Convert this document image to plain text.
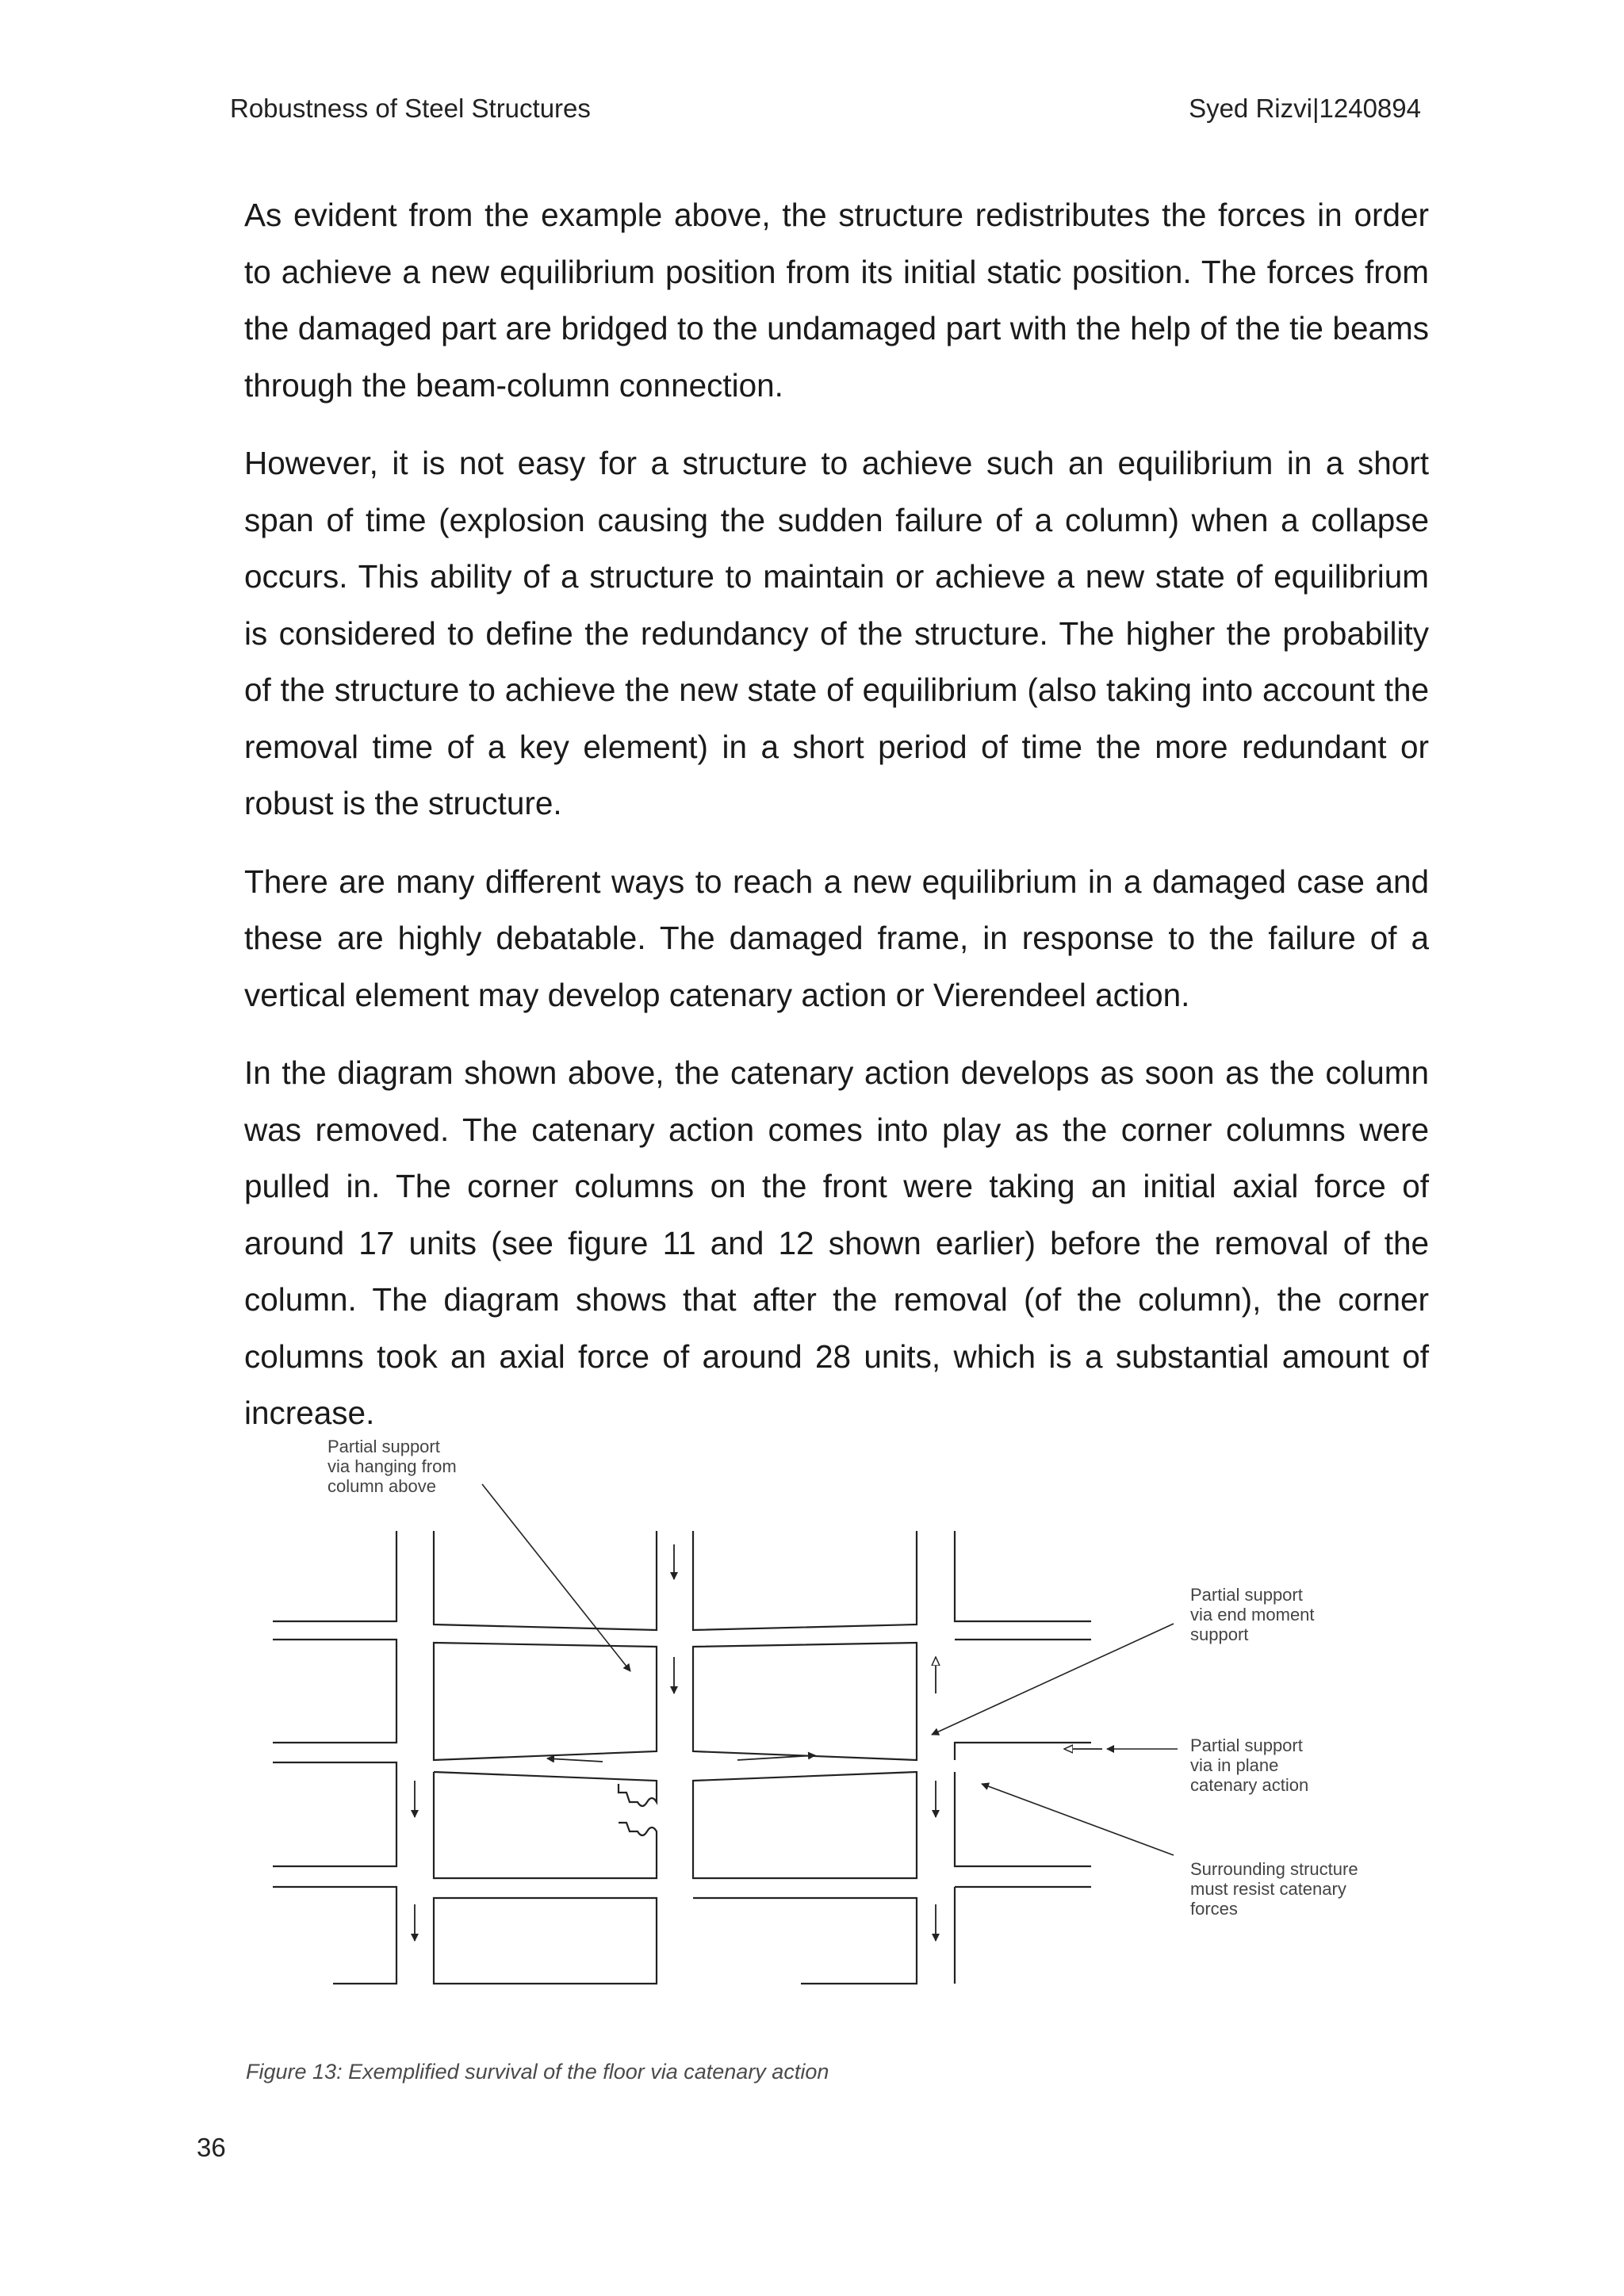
Robustness of Steel Structures	Syed Rizvi|1240894

As evident from the example above, the structure redistributes the forces in order to achieve a new equilibrium position from its initial static position. The forces from the damaged part are bridged to the undamaged part with the help of the tie beams through the beam-column connection.

However, it is not easy for a structure to achieve such an equilibrium in a short span of time (explosion causing the sudden failure of a column) when a collapse occurs. This ability of a structure to maintain or achieve a new state of equilibrium is considered to define the redundancy of the structure. The higher the probability of the structure to achieve the new state of equilibrium (also taking into account the removal time of a key element) in a short period of time the more redundant or robust is the structure.

There are many different ways to reach a new equilibrium in a damaged case and these are highly debatable. The damaged frame, in response to the failure of a vertical element may develop catenary action or Vierendeel action.

In the diagram shown above, the catenary action develops as soon as the column was removed. The catenary action comes into play as the corner columns were pulled in. The corner columns on the front were taking an initial axial force of around 17 units (see figure 11 and 12 shown earlier) before the removal of the column. The diagram shows that after the removal (of the column), the corner columns took an axial force of around 28 units, which is a substantial amount of increase.

Partial support via hanging from column above
Partial support via end moment support
Partial support via in plane catenary action
Surrounding structure must resist catenary forces
Figure 13: Exemplified survival of the floor via catenary action
36
